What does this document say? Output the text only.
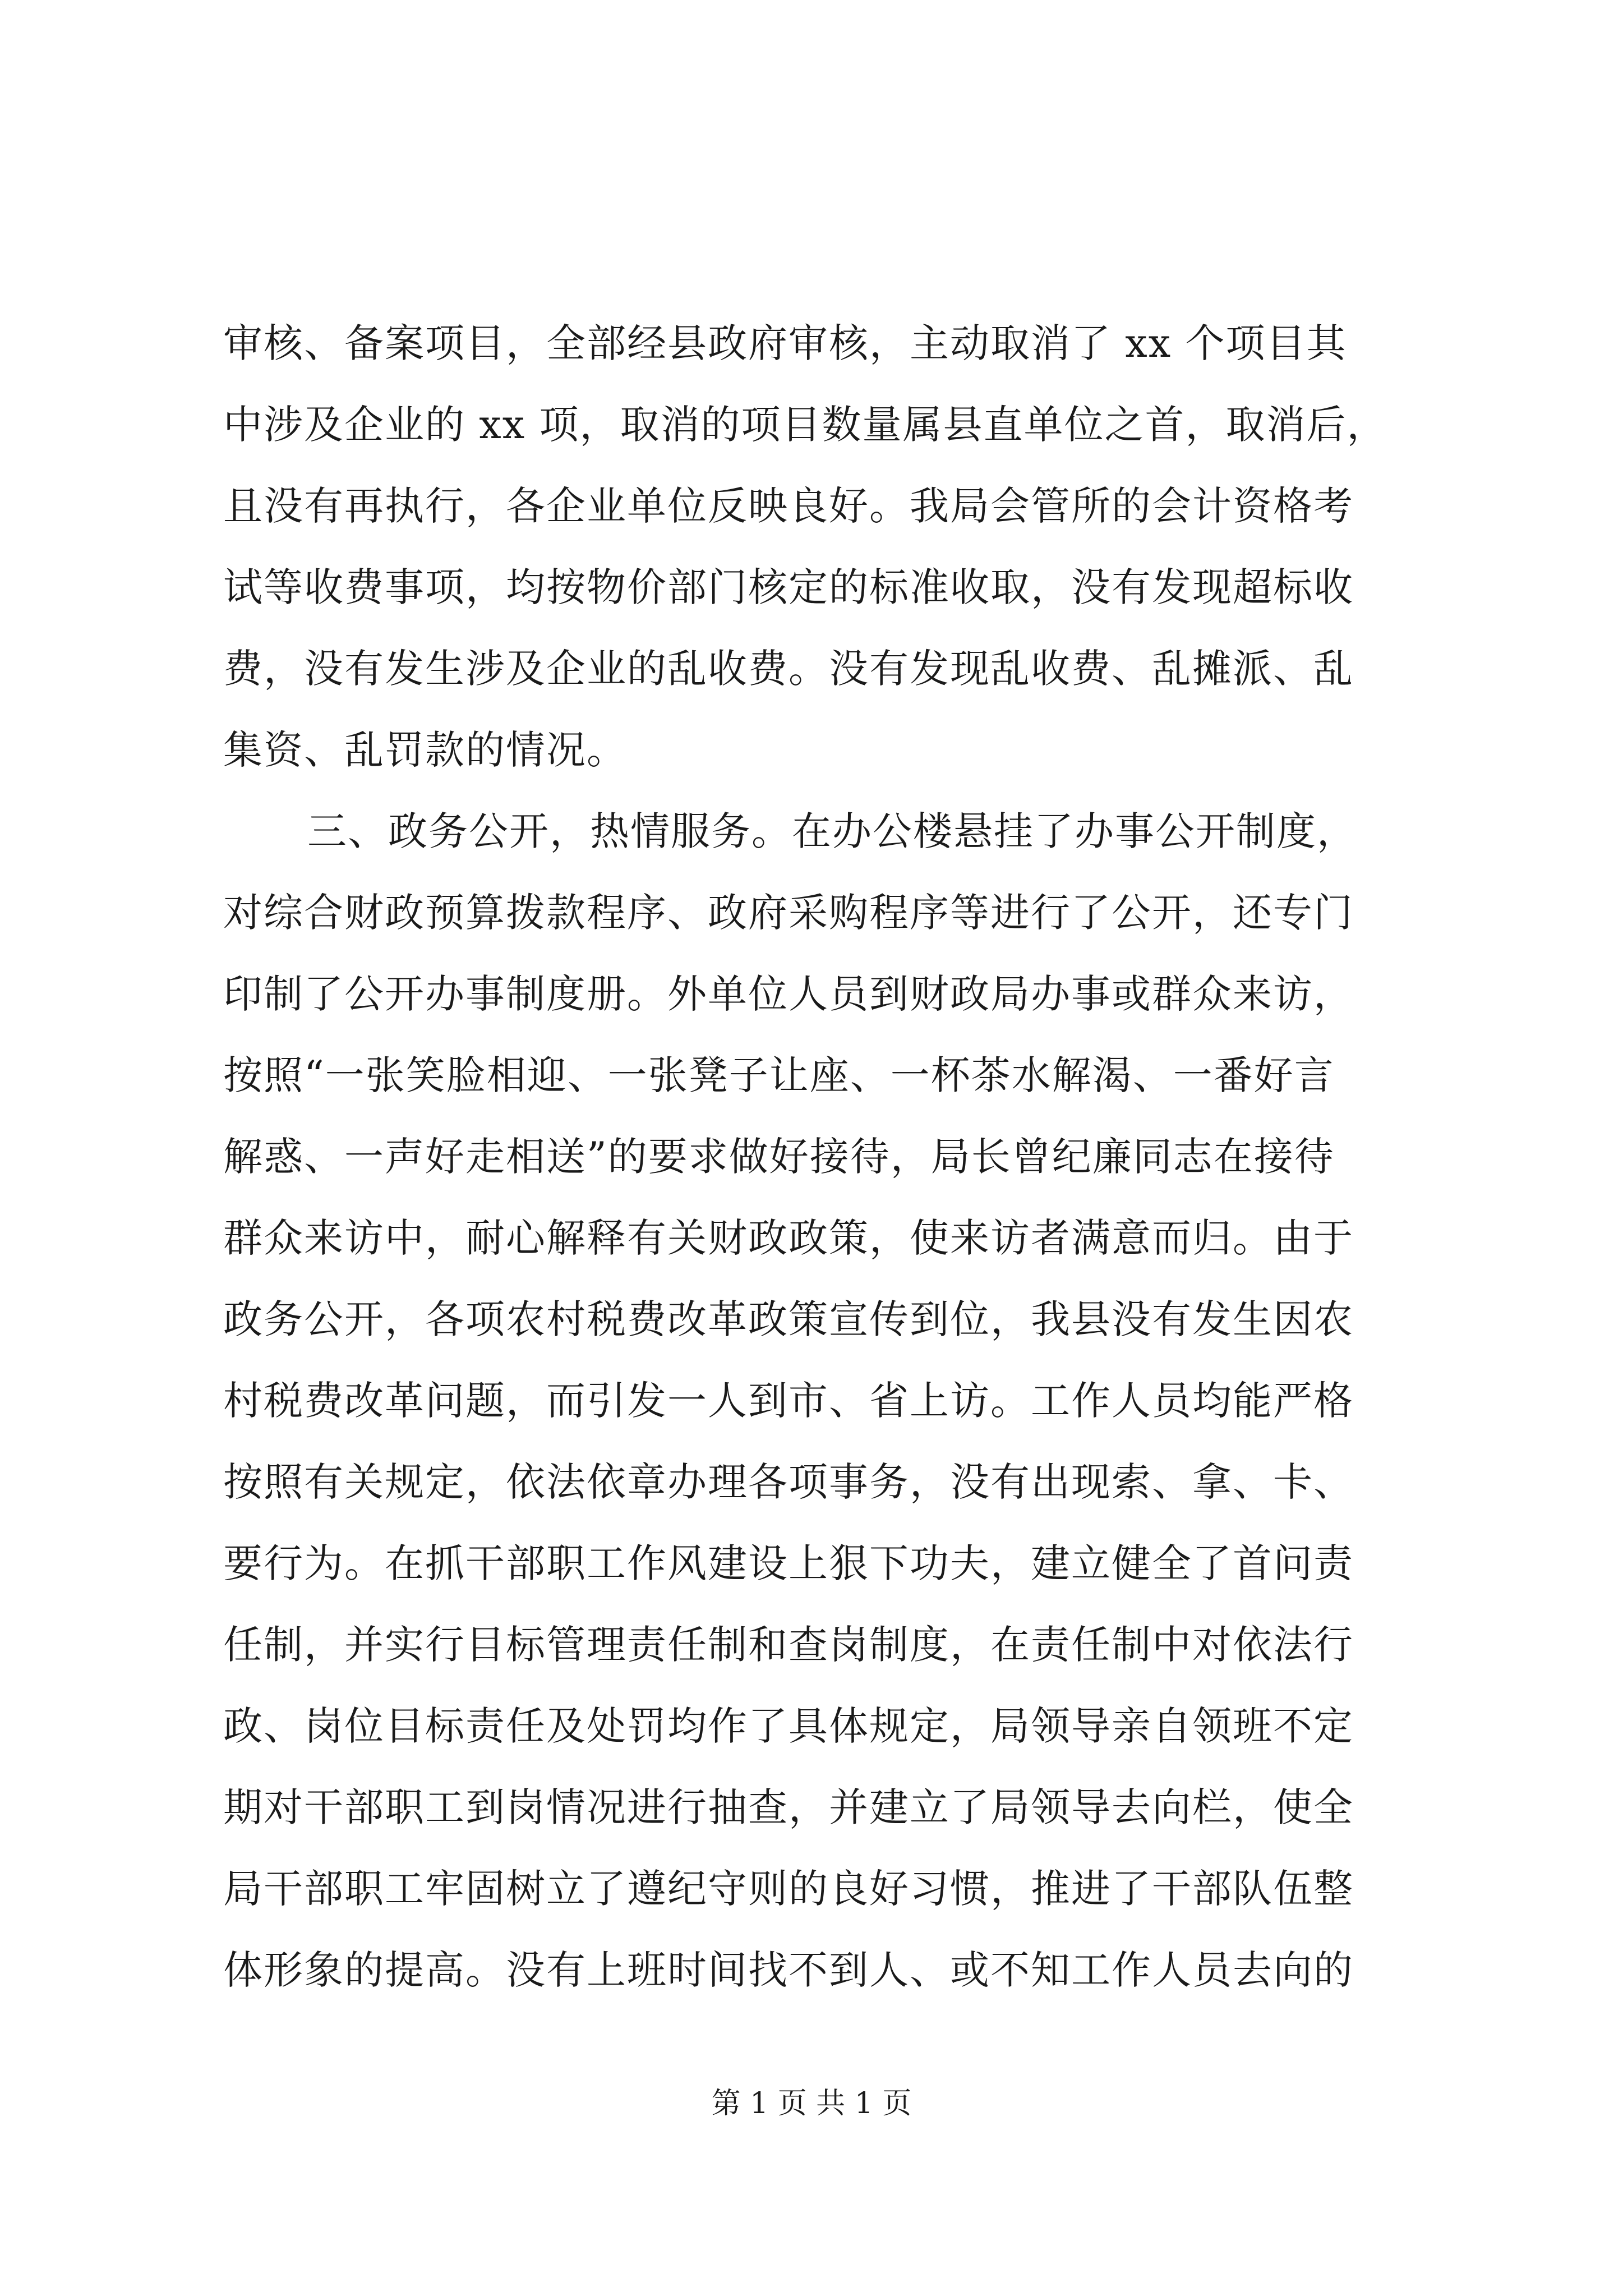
审核、备案项目，全部经县政府审核，主动取消了 xx 个项目其
中涉及企业的 xx 项，取消的项目数量属县直单位之首，取消后，
且没有再执行，各企业单位反映良好。我局会管所的会计资格考
试等收费事项，均按物价部门核定的标准收取，没有发现超标收
费，没有发生涉及企业的乱收费。没有发现乱收费、乱摊派、乱
集资、乱罚款的情况。
三、政务公开，热情服务。在办公楼悬挂了办事公开制度，
对综合财政预算拨款程序、政府采购程序等进行了公开，还专门
印制了公开办事制度册。外单位人员到财政局办事或群众来访，
按照“一张笑脸相迎、一张凳子让座、一杯茶水解渴、一番好言
解惑、一声好走相送”的要求做好接待，局长曾纪廉同志在接待
群众来访中，耐心解释有关财政政策，使来访者满意而归。由于
政务公开，各项农村税费改革政策宣传到位，我县没有发生因农
村税费改革问题，而引发一人到市、省上访。工作人员均能严格
按照有关规定，依法依章办理各项事务，没有出现索、拿、卡、
要行为。在抓干部职工作风建设上狠下功夫，建立健全了首问责
任制，并实行目标管理责任制和查岗制度，在责任制中对依法行
政、岗位目标责任及处罚均作了具体规定，局领导亲自领班不定
期对干部职工到岗情况进行抽查，并建立了局领导去向栏，使全
局干部职工牢固树立了遵纪守则的良好习惯，推进了干部队伍整
体形象的提高。没有上班时间找不到人、或不知工作人员去向的
第 1 页 共 1 页
